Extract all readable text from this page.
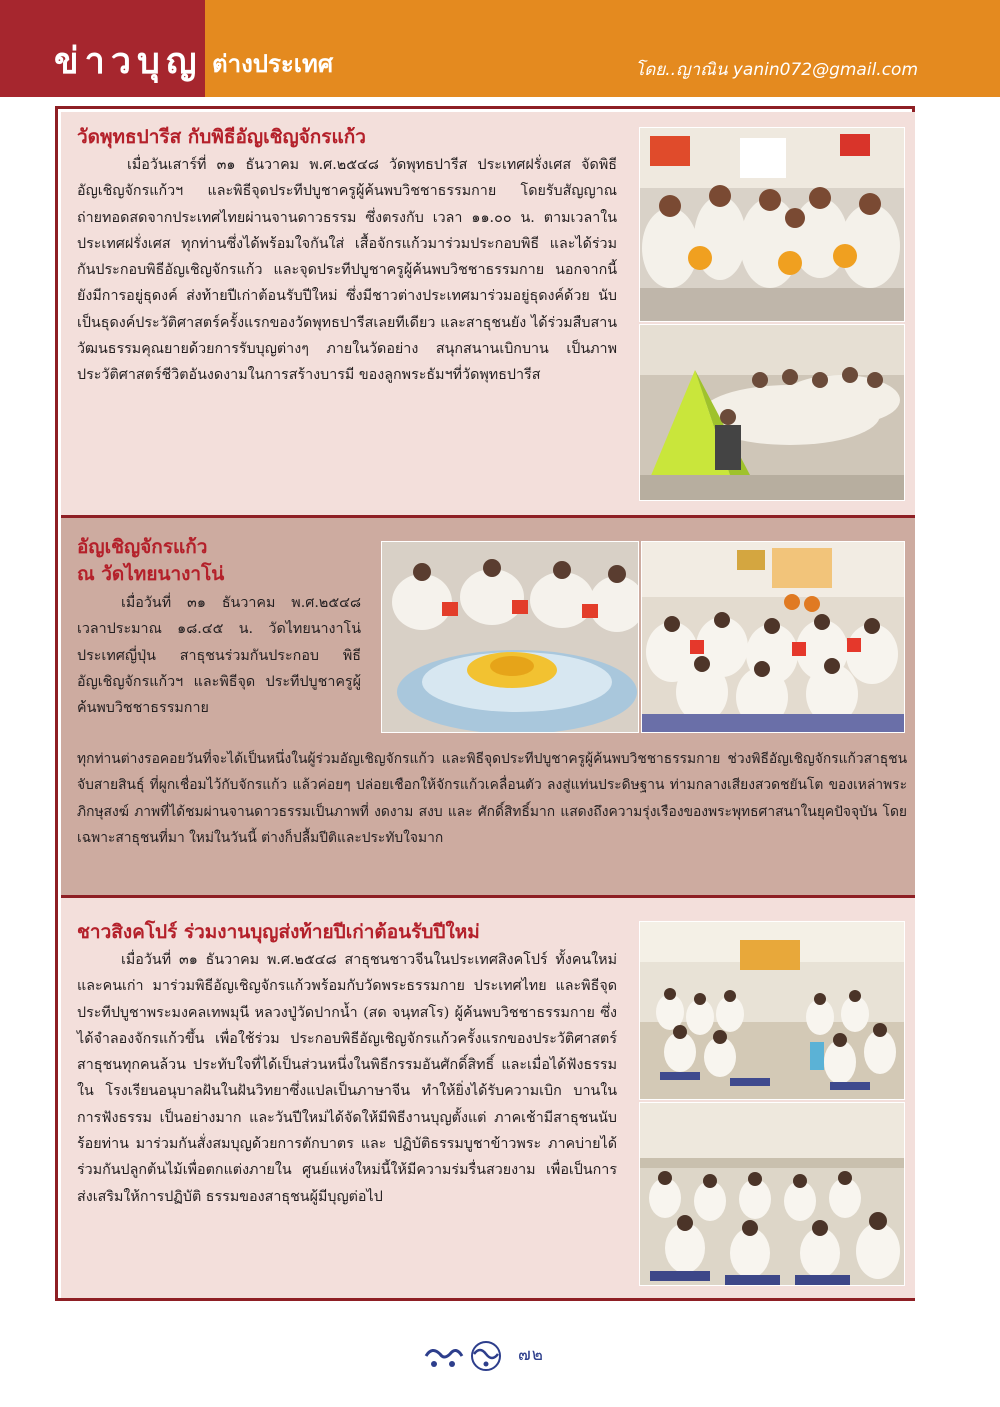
ข่าวบุญ ต่างประเทศ	โดย..ญาณิน yanin072@gmail.com
วัดพุทธปารีส กับพิธีอัญเชิญจักรแก้ว
เมื่อวันเสาร์ที่ ๓๑ ธันวาคม พ.ศ.๒๕๔๘ วัดพุทธปารีส ประเทศฝรั่งเศส จัดพิธีอัญเชิญจักรแก้วฯ และพิธีจุดประทีปบูชาครูผู้ค้นพบวิชชาธรรมกาย โดยรับสัญญาณถ่ายทอดสดจากประเทศไทยผ่านจานดาวธรรม ซึ่งตรงกับ เวลา ๑๑.๐๐ น. ตามเวลาในประเทศฝรั่งเศส ทุกท่านซึ่งได้พร้อมใจกันใส่ เสื้อจักรแก้วมาร่วมประกอบพิธี และได้ร่วมกันประกอบพิธีอัญเชิญจักรแก้ว และจุดประทีปบูชาครูผู้ค้นพบวิชชาธรรมกาย นอกจากนี้ยังมีการอยู่ธุดงค์ ส่งท้ายปีเก่าต้อนรับปีใหม่ ซึ่งมีชาวต่างประเทศมาร่วมอยู่ธุดงค์ด้วย นับ เป็นธุดงค์ประวัติศาสตร์ครั้งแรกของวัดพุทธปารีสเลยทีเดียว และสาธุชนยัง ได้ร่วมสืบสานวัฒนธรรมคุณยายด้วยการรับบุญต่างๆ ภายในวัดอย่าง สนุกสนานเบิกบาน เป็นภาพประวัติศาสตร์ชีวิตอันงดงามในการสร้างบารมี ของลูกพระธัมฯที่วัดพุทธปารีส
อัญเชิญจักรแก้ว
ณ วัดไทยนางาโน่
เมื่อวันที่ ๓๑ ธันวาคม พ.ศ.๒๕๔๘ เวลาประมาณ ๑๘.๔๕ น. วัดไทยนางาโน่ ประเทศญี่ปุ่น สาธุชนร่วมกันประกอบ พิธีอัญเชิญจักรแก้วฯ และพิธีจุด ประทีปบูชาครูผู้ค้นพบวิชชาธรรมกาย
ทุกท่านต่างรอคอยวันที่จะได้เป็นหนึ่งในผู้ร่วมอัญเชิญจักรแก้ว และพิธีจุดประทีปบูชาครูผู้ค้นพบวิชชาธรรมกาย ช่วงพิธีอัญเชิญจักรแก้วสาธุชนจับสายสินธุ์ ที่ผูกเชื่อมไว้กับจักรแก้ว แล้วค่อยๆ ปล่อยเชือกให้จักรแก้วเคลื่อนตัว ลงสู่แท่นประดิษฐาน ท่ามกลางเสียงสวดชยันโต ของเหล่าพระภิกษุสงฆ์ ภาพที่ได้ชมผ่านจานดาวธรรมเป็นภาพที่ งดงาม สงบ และ ศักดิ์สิทธิ์มาก แสดงถึงความรุ่งเรืองของพระพุทธศาสนาในยุคปัจจุบัน โดยเฉพาะสาธุชนที่มา ใหม่ในวันนี้ ต่างก็ปลื้มปีติและประทับใจมาก
ชาวสิงคโปร์ ร่วมงานบุญส่งท้ายปีเก่าต้อนรับปีใหม่
เมื่อวันที่ ๓๑ ธันวาคม พ.ศ.๒๕๔๘ สาธุชนชาวจีนในประเทศสิงคโปร์ ทั้งคนใหม่และคนเก่า มาร่วมพิธีอัญเชิญจักรแก้วพร้อมกับวัดพระธรรมกาย ประเทศไทย และพิธีจุดประทีปบูชาพระมงคลเทพมุนี หลวงปู่วัดปากน้ำ (สด จนฺทสโร) ผู้ค้นพบวิชชาธรรมกาย ซึ่งได้จำลองจักรแก้วขึ้น เพื่อใช้ร่วม ประกอบพิธีอัญเชิญจักรแก้วครั้งแรกของประวัติศาสตร์ สาธุชนทุกคนล้วน ประทับใจที่ได้เป็นส่วนหนึ่งในพิธีกรรมอันศักดิ์สิทธิ์ และเมื่อได้ฟังธรรมใน โรงเรียนอนุบาลฝันในฝันวิทยาซึ่งแปลเป็นภาษาจีน ทำให้ยิ่งได้รับความเบิก บานในการฟังธรรม เป็นอย่างมาก และวันปีใหม่ได้จัดให้มีพิธีงานบุญตั้งแต่ ภาคเช้ามีสาธุชนนับร้อยท่าน มาร่วมกันสั่งสมบุญด้วยการตักบาตร และ ปฏิบัติธรรมบูชาข้าวพระ ภาคบ่ายได้ร่วมกันปลูกต้นไม้เพื่อตกแต่งภายใน ศูนย์แห่งใหม่นี้ให้มีความร่มรื่นสวยงาม เพื่อเป็นการส่งเสริมให้การปฏิบัติ ธรรมของสาธุชนผู้มีบุญต่อไป
๗๒
